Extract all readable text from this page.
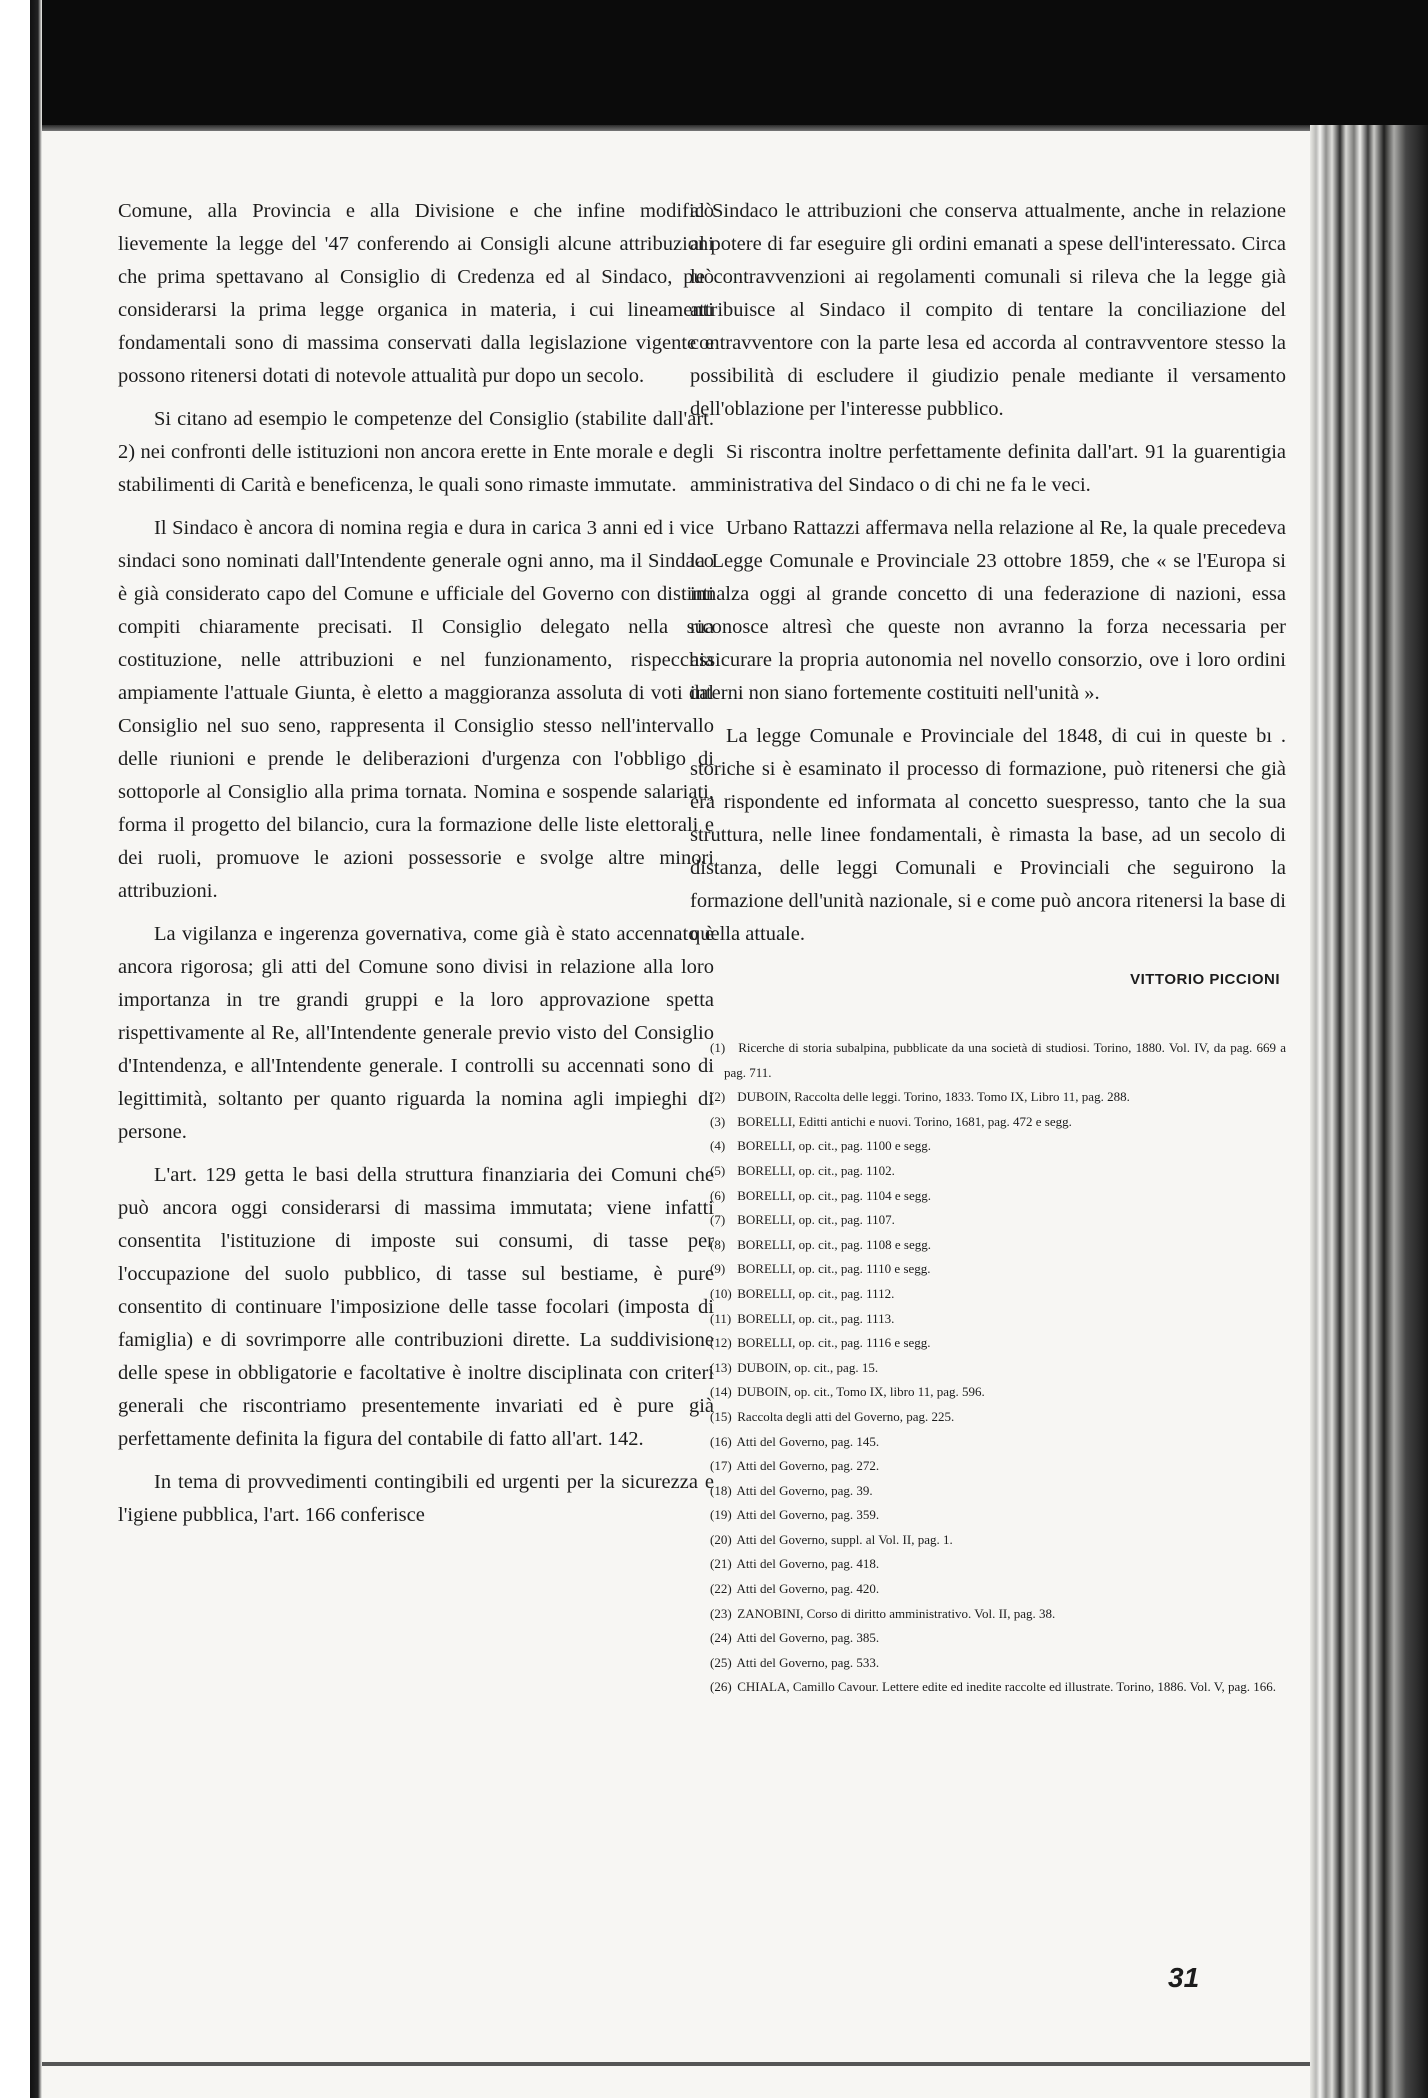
Comune, alla Provincia e alla Divisione e che infine modificò lievemente la legge del '47 conferendo ai Consigli alcune attribuzioni che prima spettavano al Consiglio di Credenza ed al Sindaco, può considerarsi la prima legge organica in materia, i cui lineamenti fondamentali sono di massima conservati dalla legislazione vigente e possono ritenersi dotati di notevole attualità pur dopo un secolo.

Si citano ad esempio le competenze del Consiglio (stabilite dall'art. 2) nei confronti delle istituzioni non ancora erette in Ente morale e degli stabilimenti di Carità e beneficenza, le quali sono rimaste immutate.

Il Sindaco è ancora di nomina regia e dura in carica 3 anni ed i vice sindaci sono nominati dall'Intendente generale ogni anno, ma il Sindaco è già considerato capo del Comune e ufficiale del Governo con distinti compiti chiaramente precisati. Il Consiglio delegato nella sua costituzione, nelle attribuzioni e nel funzionamento, rispecchia ampiamente l'attuale Giunta, è eletto a maggioranza assoluta di voti dal Consiglio nel suo seno, rappresenta il Consiglio stesso nell'intervallo delle riunioni e prende le deliberazioni d'urgenza con l'obbligo di sottoporle al Consiglio alla prima tornata. Nomina e sospende salariati, forma il progetto del bilancio, cura la formazione delle liste elettorali e dei ruoli, promuove le azioni possessorie e svolge altre minori attribuzioni.

La vigilanza e ingerenza governativa, come già è stato accennato è ancora rigorosa; gli atti del Comune sono divisi in relazione alla loro importanza in tre grandi gruppi e la loro approvazione spetta rispettivamente al Re, all'Intendente generale previo visto del Consiglio d'Intendenza, e all'Intendente generale. I controlli su accennati sono di legittimità, soltanto per quanto riguarda la nomina agli impieghi di persone.

L'art. 129 getta le basi della struttura finanziaria dei Comuni che può ancora oggi considerarsi di massima immutata; viene infatti consentita l'istituzione di imposte sui consumi, di tasse per l'occupazione del suolo pubblico, di tasse sul bestiame, è pure consentito di continuare l'imposizione delle tasse focolari (imposta di famiglia) e di sovrimporre alle contribuzioni dirette. La suddivisione delle spese in obbligatorie e facoltative è inoltre disciplinata con criteri generali che riscontriamo presentemente invariati ed è pure già perfettamente definita la figura del contabile di fatto all'art. 142.

In tema di provvedimenti contingibili ed urgenti per la sicurezza e l'igiene pubblica, l'art. 166 conferisce

al Sindaco le attribuzioni che conserva attualmente, anche in relazione al potere di far eseguire gli ordini emanati a spese dell'interessato. Circa le contravvenzioni ai regolamenti comunali si rileva che la legge già attribuisce al Sindaco il compito di tentare la conciliazione del contravventore con la parte lesa ed accorda al contravventore stesso la possibilità di escludere il giudizio penale mediante il versamento dell'oblazione per l'interesse pubblico.

Si riscontra inoltre perfettamente definita dall'art. 91 la guarentigia amministrativa del Sindaco o di chi ne fa le veci.

Urbano Rattazzi affermava nella relazione al Re, la quale precedeva la Legge Comunale e Provinciale 23 ottobre 1859, che « se l'Europa si innalza oggi al grande concetto di una federazione di nazioni, essa riconosce altresì che queste non avranno la forza necessaria per assicurare la propria autonomia nel novello consorzio, ove i loro ordini interni non siano fortemente costituiti nell'unità ».

La legge Comunale e Provinciale del 1848, di cui in queste bı . storiche si è esaminato il processo di formazione, può ritenersi che già era rispondente ed informata al concetto suespresso, tanto che la sua struttura, nelle linee fondamentali, è rimasta la base, ad un secolo di distanza, delle leggi Comunali e Provinciali che seguirono la formazione dell'unità nazionale, si e come può ancora ritenersi la base di quella attuale.

VITTORIO PICCIONI
(1) Ricerche di storia subalpina, pubblicate da una società di studiosi. Torino, 1880. Vol. IV, da pag. 669 a pag. 711.
(2) DUBOIN, Raccolta delle leggi. Torino, 1833. Tomo IX, Libro 11, pag. 288.
(3) BORELLI, Editti antichi e nuovi. Torino, 1681, pag. 472 e segg.
(4) BORELLI, op. cit., pag. 1100 e segg.
(5) BORELLI, op. cit., pag. 1102.
(6) BORELLI, op. cit., pag. 1104 e segg.
(7) BORELLI, op. cit., pag. 1107.
(8) BORELLI, op. cit., pag. 1108 e segg.
(9) BORELLI, op. cit., pag. 1110 e segg.
(10) BORELLI, op. cit., pag. 1112.
(11) BORELLI, op. cit., pag. 1113.
(12) BORELLI, op. cit., pag. 1116 e segg.
(13) DUBOIN, op. cit., pag. 15.
(14) DUBOIN, op. cit., Tomo IX, libro 11, pag. 596.
(15) Raccolta degli atti del Governo, pag. 225.
(16) Atti del Governo, pag. 145.
(17) Atti del Governo, pag. 272.
(18) Atti del Governo, pag. 39.
(19) Atti del Governo, pag. 359.
(20) Atti del Governo, suppl. al Vol. II, pag. 1.
(21) Atti del Governo, pag. 418.
(22) Atti del Governo, pag. 420.
(23) ZANOBINI, Corso di diritto amministrativo. Vol. II, pag. 38.
(24) Atti del Governo, pag. 385.
(25) Atti del Governo, pag. 533.
(26) CHIALA, Camillo Cavour. Lettere edite ed inedite raccolte ed illustrate. Torino, 1886. Vol. V, pag. 166.
31
